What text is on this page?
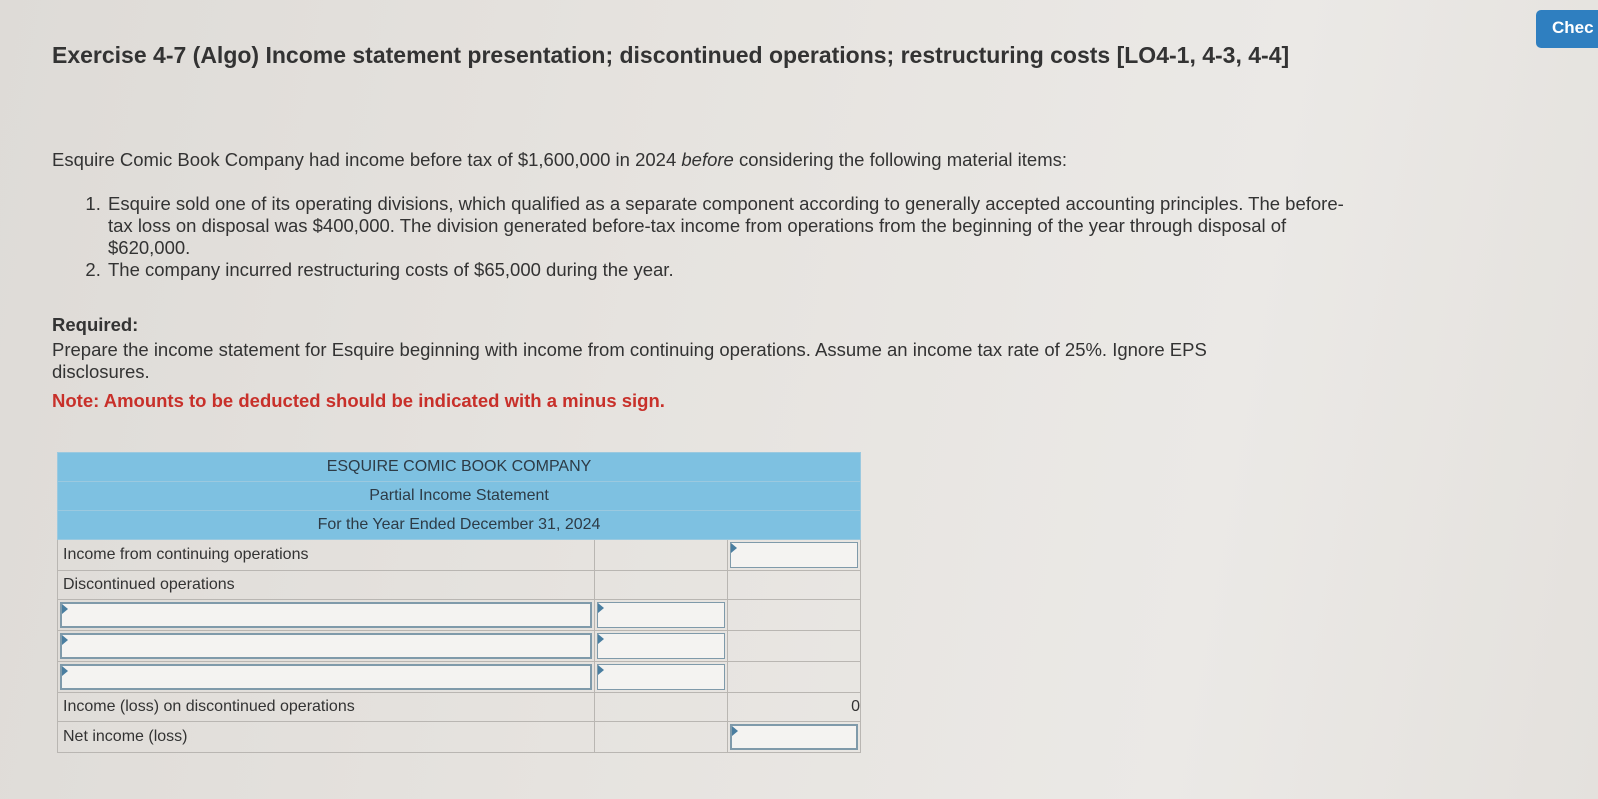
Chec
Exercise 4-7 (Algo) Income statement presentation; discontinued operations; restructuring costs [LO4-1, 4-3, 4-4]
Esquire Comic Book Company had income before tax of $1,600,000 in 2024 before considering the following material items:
1. Esquire sold one of its operating divisions, which qualified as a separate component according to generally accepted accounting principles. The before-tax loss on disposal was $400,000. The division generated before-tax income from operations from the beginning of the year through disposal of $620,000.
2. The company incurred restructuring costs of $65,000 during the year.
Required:
Prepare the income statement for Esquire beginning with income from continuing operations. Assume an income tax rate of 25%. Ignore EPS disclosures.
Note: Amounts to be deducted should be indicated with a minus sign.
ESQUIRE COMIC BOOK COMPANY		
Partial Income Statement		
For the Year Ended December 31, 2024		
Income from continuing operations		

Discontinued operations		

Income (loss) on discontinued operations		0
Net income (loss)		
